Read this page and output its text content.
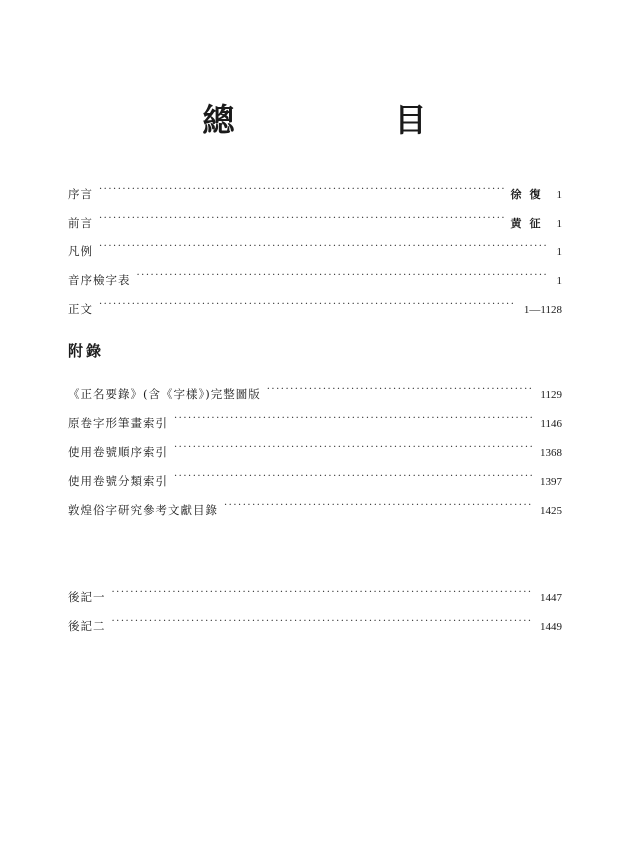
總　目
序言 ·····	徐復 1
前言 ·····	黄征 1
凡例 ·····	1
音序檢字表 ·····	1
正文 ·····	1—1128
附錄
《正名要錄》(含《字樣》)完整圖版 ·····	1129
原卷字形筆畫索引 ·····	1146
使用卷號順序索引 ·····	1368
使用卷號分類索引 ·····	1397
敦煌俗字研究參考文獻目錄 ·····	1425
後記一 ·····	1447
後記二 ·····	1449
